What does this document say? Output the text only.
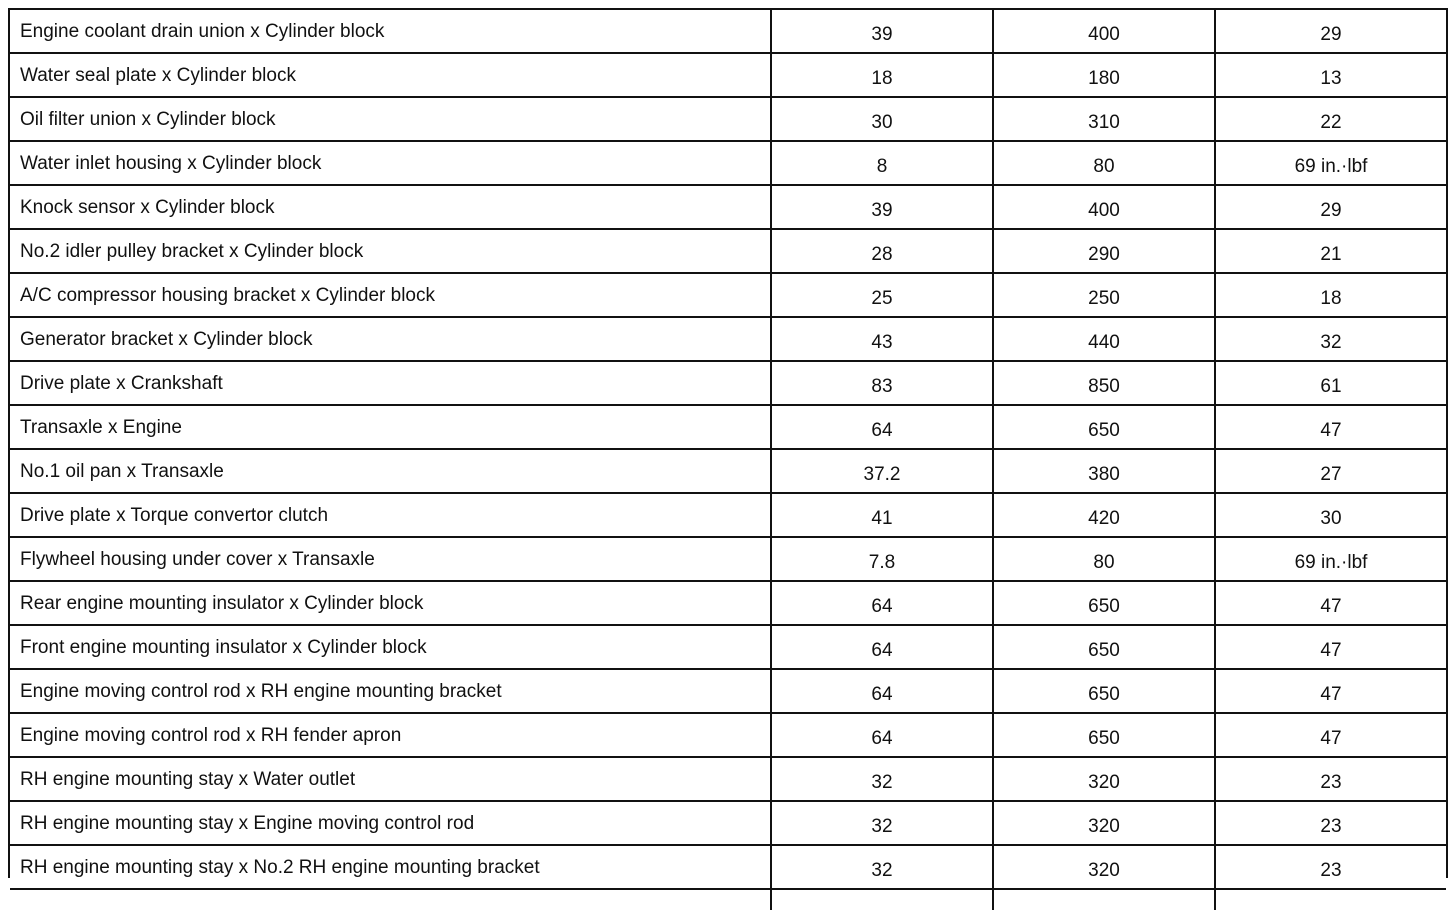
Engine coolant drain union x Cylinder block	39	400	29
Water seal plate x Cylinder block	18	180	13
Oil filter union x Cylinder block	30	310	22
Water inlet housing x Cylinder block	8	80	69 in.·lbf
Knock sensor x Cylinder block	39	400	29
No.2 idler pulley bracket x Cylinder block	28	290	21
A/C compressor housing bracket x Cylinder block	25	250	18
Generator bracket x Cylinder block	43	440	32
Drive plate x Crankshaft	83	850	61
Transaxle x Engine	64	650	47
No.1 oil pan x Transaxle	37.2	380	27
Drive plate x Torque convertor clutch	41	420	30
Flywheel housing under cover x Transaxle	7.8	80	69 in.·lbf
Rear engine mounting insulator x Cylinder block	64	650	47
Front engine mounting insulator x Cylinder block	64	650	47
Engine moving control rod x RH engine mounting bracket	64	650	47
Engine moving control rod x RH fender apron	64	650	47
RH engine mounting stay x Water outlet	32	320	23
RH engine mounting stay x Engine moving control rod	32	320	23
RH engine mounting stay x No.2 RH engine mounting bracket	32	320	23
